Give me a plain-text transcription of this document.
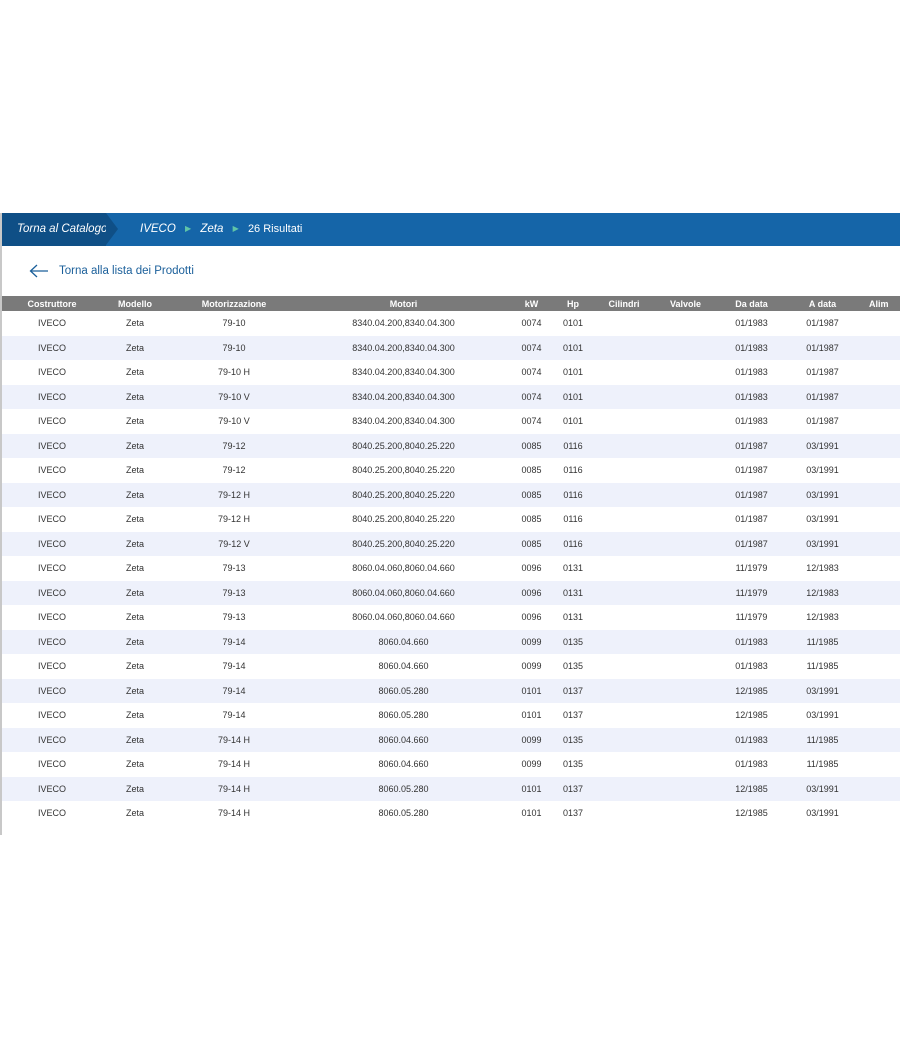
Torna al Catalogo	IVECO ▶ Zeta ▶ 26 Risultati
Torna alla lista dei Prodotti
Costruttore	Modello	Motorizzazione	Motori	kW	Hp	Cilindri	Valvole	Da data	A data	Alim
IVECO	Zeta	79-10	8340.04.200,8340.04.300	0074	0101			01/1983	01/1987	
IVECO	Zeta	79-10	8340.04.200,8340.04.300	0074	0101			01/1983	01/1987	
IVECO	Zeta	79-10 H	8340.04.200,8340.04.300	0074	0101			01/1983	01/1987	
IVECO	Zeta	79-10 V	8340.04.200,8340.04.300	0074	0101			01/1983	01/1987	
IVECO	Zeta	79-10 V	8340.04.200,8340.04.300	0074	0101			01/1983	01/1987	
IVECO	Zeta	79-12	8040.25.200,8040.25.220	0085	0116			01/1987	03/1991	
IVECO	Zeta	79-12	8040.25.200,8040.25.220	0085	0116			01/1987	03/1991	
IVECO	Zeta	79-12 H	8040.25.200,8040.25.220	0085	0116			01/1987	03/1991	
IVECO	Zeta	79-12 H	8040.25.200,8040.25.220	0085	0116			01/1987	03/1991	
IVECO	Zeta	79-12 V	8040.25.200,8040.25.220	0085	0116			01/1987	03/1991	
IVECO	Zeta	79-13	8060.04.060,8060.04.660	0096	0131			11/1979	12/1983	
IVECO	Zeta	79-13	8060.04.060,8060.04.660	0096	0131			11/1979	12/1983	
IVECO	Zeta	79-13	8060.04.060,8060.04.660	0096	0131			11/1979	12/1983	
IVECO	Zeta	79-14	8060.04.660	0099	0135			01/1983	11/1985	
IVECO	Zeta	79-14	8060.04.660	0099	0135			01/1983	11/1985	
IVECO	Zeta	79-14	8060.05.280	0101	0137			12/1985	03/1991	
IVECO	Zeta	79-14	8060.05.280	0101	0137			12/1985	03/1991	
IVECO	Zeta	79-14 H	8060.04.660	0099	0135			01/1983	11/1985	
IVECO	Zeta	79-14 H	8060.04.660	0099	0135			01/1983	11/1985	
IVECO	Zeta	79-14 H	8060.05.280	0101	0137			12/1985	03/1991	
IVECO	Zeta	79-14 H	8060.05.280	0101	0137			12/1985	03/1991	
